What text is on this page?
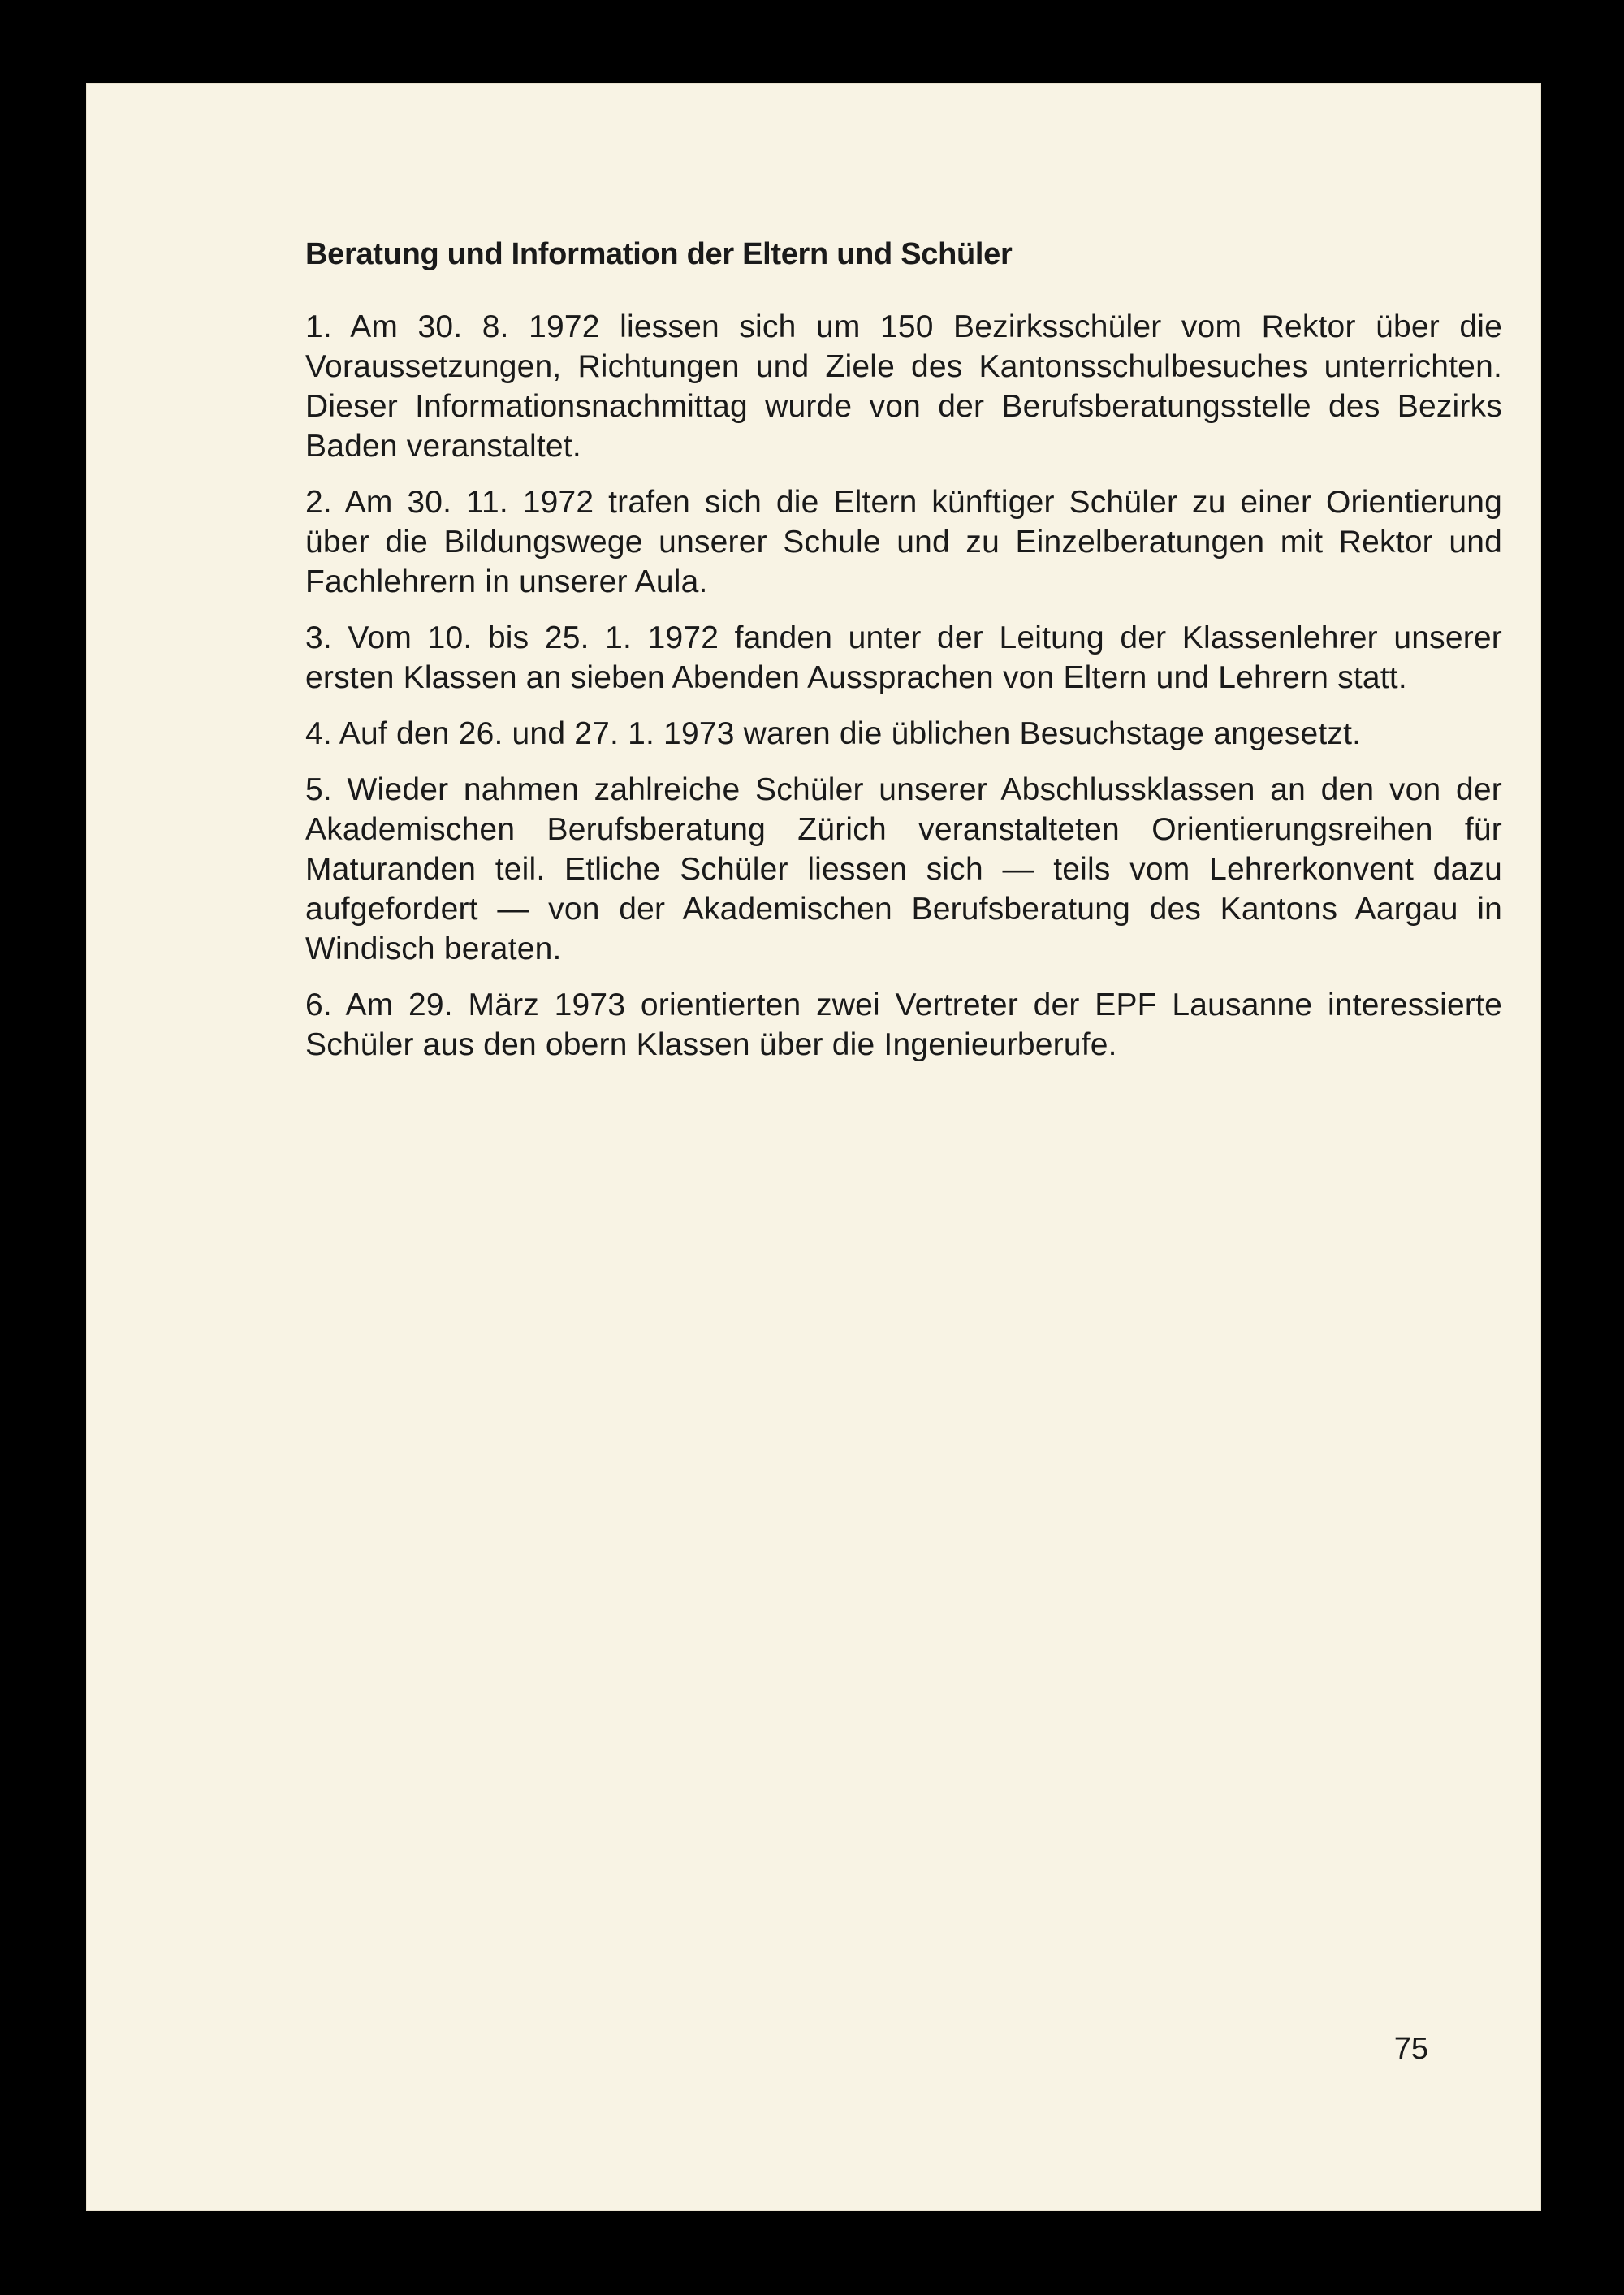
Beratung und Information der Eltern und Schüler

1. Am 30. 8. 1972 liessen sich um 150 Bezirksschüler vom Rektor über die Voraussetzungen, Richtungen und Ziele des Kantonsschulbesuches unterrichten. Dieser Informationsnachmittag wurde von der Berufsberatungsstelle des Bezirks Baden veranstaltet.

2. Am 30. 11. 1972 trafen sich die Eltern künftiger Schüler zu einer Orientierung über die Bildungswege unserer Schule und zu Einzelberatungen mit Rektor und Fachlehrern in unserer Aula.

3. Vom 10. bis 25. 1. 1972 fanden unter der Leitung der Klassenlehrer unserer ersten Klassen an sieben Abenden Aussprachen von Eltern und Lehrern statt.

4. Auf den 26. und 27. 1. 1973 waren die üblichen Besuchstage angesetzt.

5. Wieder nahmen zahlreiche Schüler unserer Abschlussklassen an den von der Akademischen Berufsberatung Zürich veranstalteten Orientierungsreihen für Maturanden teil. Etliche Schüler liessen sich — teils vom Lehrerkonvent dazu aufgefordert — von der Akademischen Berufsberatung des Kantons Aargau in Windisch beraten.

6. Am 29. März 1973 orientierten zwei Vertreter der EPF Lausanne interessierte Schüler aus den obern Klassen über die Ingenieurberufe.

75
